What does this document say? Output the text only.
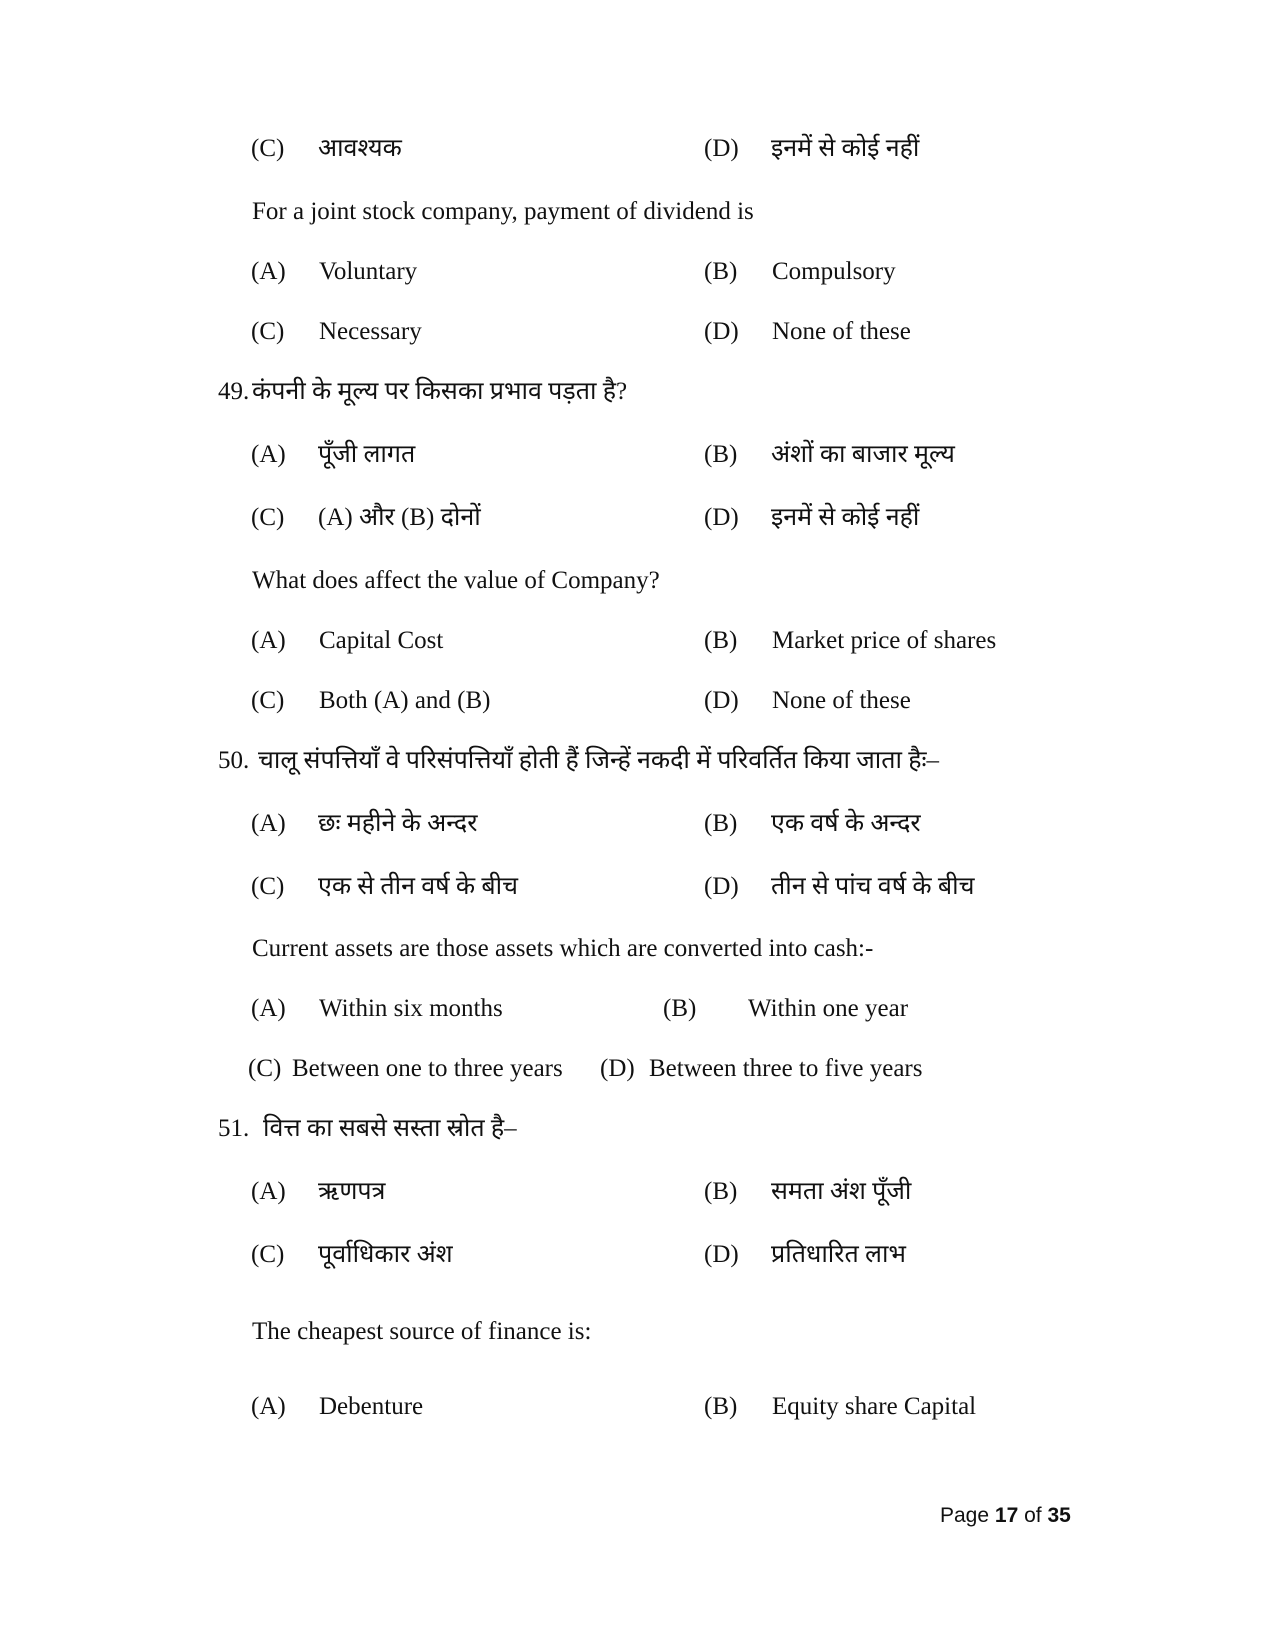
(C) आवश्यक	(D) इनमें से कोई नहीं
For a joint stock company, payment of dividend is
(A) Voluntary	(B) Compulsory
(C) Necessary	(D) None of these
49. कंपनी के मूल्य पर किसका प्रभाव पड़ता है?
(A) पूँजी लागत	(B) अंशों का बाजार मूल्य
(C) (A) और (B) दोनों	(D) इनमें से कोई नहीं
What does affect the value of Company?
(A) Capital Cost	(B) Market price of shares
(C) Both (A) and (B)	(D) None of these
50. चालू संपत्तियाँ वे परिसंपत्तियाँ होती हैं जिन्हें नकदी में परिवर्तित किया जाता हैः–
(A) छः महीने के अन्दर	(B) एक वर्ष के अन्दर
(C) एक से तीन वर्ष के बीच	(D) तीन से पांच वर्ष के बीच
Current assets are those assets which are converted into cash:-
(A) Within six months	(B) Within one year
(C) Between one to three years (D) Between three to five years
51. वित्त का सबसे सस्ता स्रोत है–
(A) ऋणपत्र	(B) समता अंश पूँजी
(C) पूर्वाधिकार अंश	(D) प्रतिधारित लाभ
The cheapest source of finance is:
(A) Debenture	(B) Equity share Capital
Page 17 of 35
